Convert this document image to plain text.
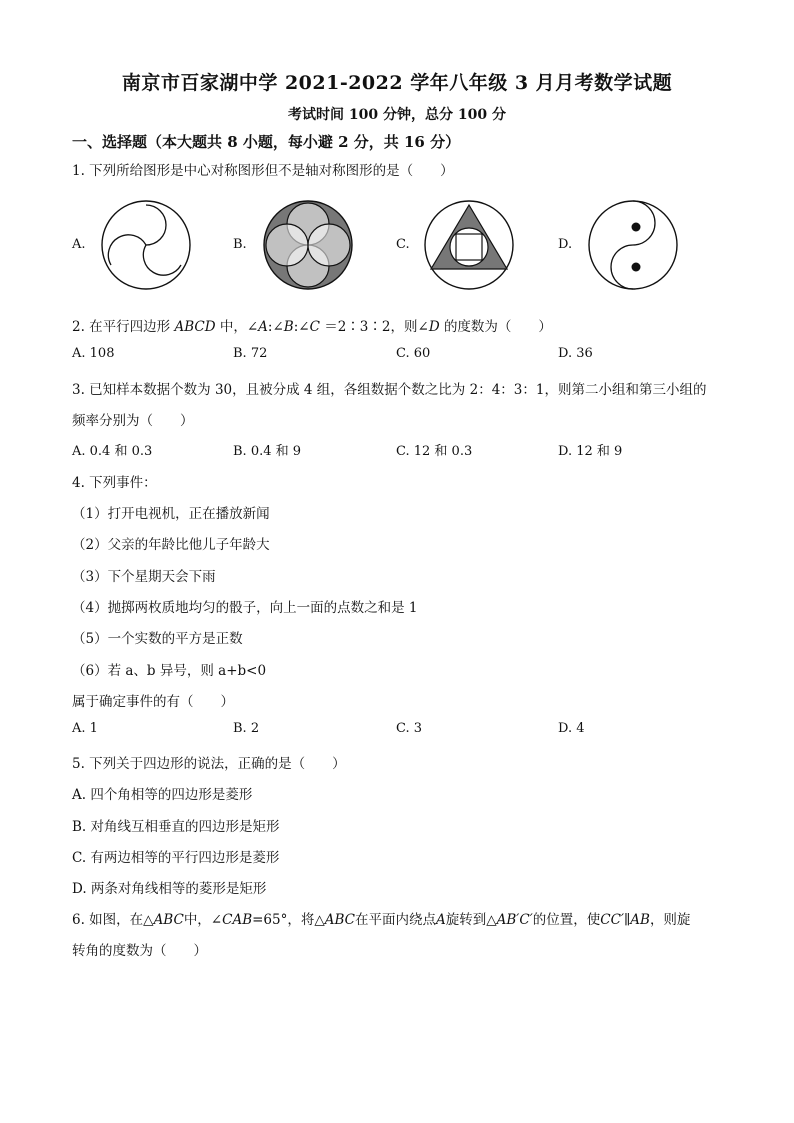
南京市百家湖中学 2021-2022 学年八年级 3 月月考数学试题
考试时间 100 分钟，总分 100 分
一、选择题（本大题共 8 小题，每小避 2 分，共 16 分）
1. 下列所给图形是中心对称图形但不是轴对称图形的是（　　）
A.	B.	C.	D.
2. 在平行四边形 ABCD 中，∠A:∠B:∠C ＝2∶3∶2，则∠D 的度数为（　　）
A. 108	B. 72	C. 60	D. 36
3. 已知样本数据个数为 30，且被分成 4 组，各组数据个数之比为 2：4：3：1，则第二小组和第三小组的
频率分别为（　　）
A. 0.4 和 0.3	B. 0.4 和 9	C. 12 和 0.3	D. 12 和 9
4. 下列事件：
（1）打开电视机，正在播放新闻
（2）父亲的年龄比他儿子年龄大
（3）下个星期天会下雨
（4）抛掷两枚质地均匀的骰子，向上一面的点数之和是 1
（5）一个实数的平方是正数
（6）若 a、b 异号，则 a+b<0
属于确定事件的有（　　）
A. 1	B. 2	C. 3	D. 4
5. 下列关于四边形的说法，正确的是（　　）
A. 四个角相等的四边形是菱形
B. 对角线互相垂直的四边形是矩形
C. 有两边相等的平行四边形是菱形
D. 两条对角线相等的菱形是矩形
6. 如图，在△ABC中，∠CAB=65°，将△ABC在平面内绕点A旋转到△AB′C′的位置，使CC′∥AB，则旋
转角的度数为（　　）
